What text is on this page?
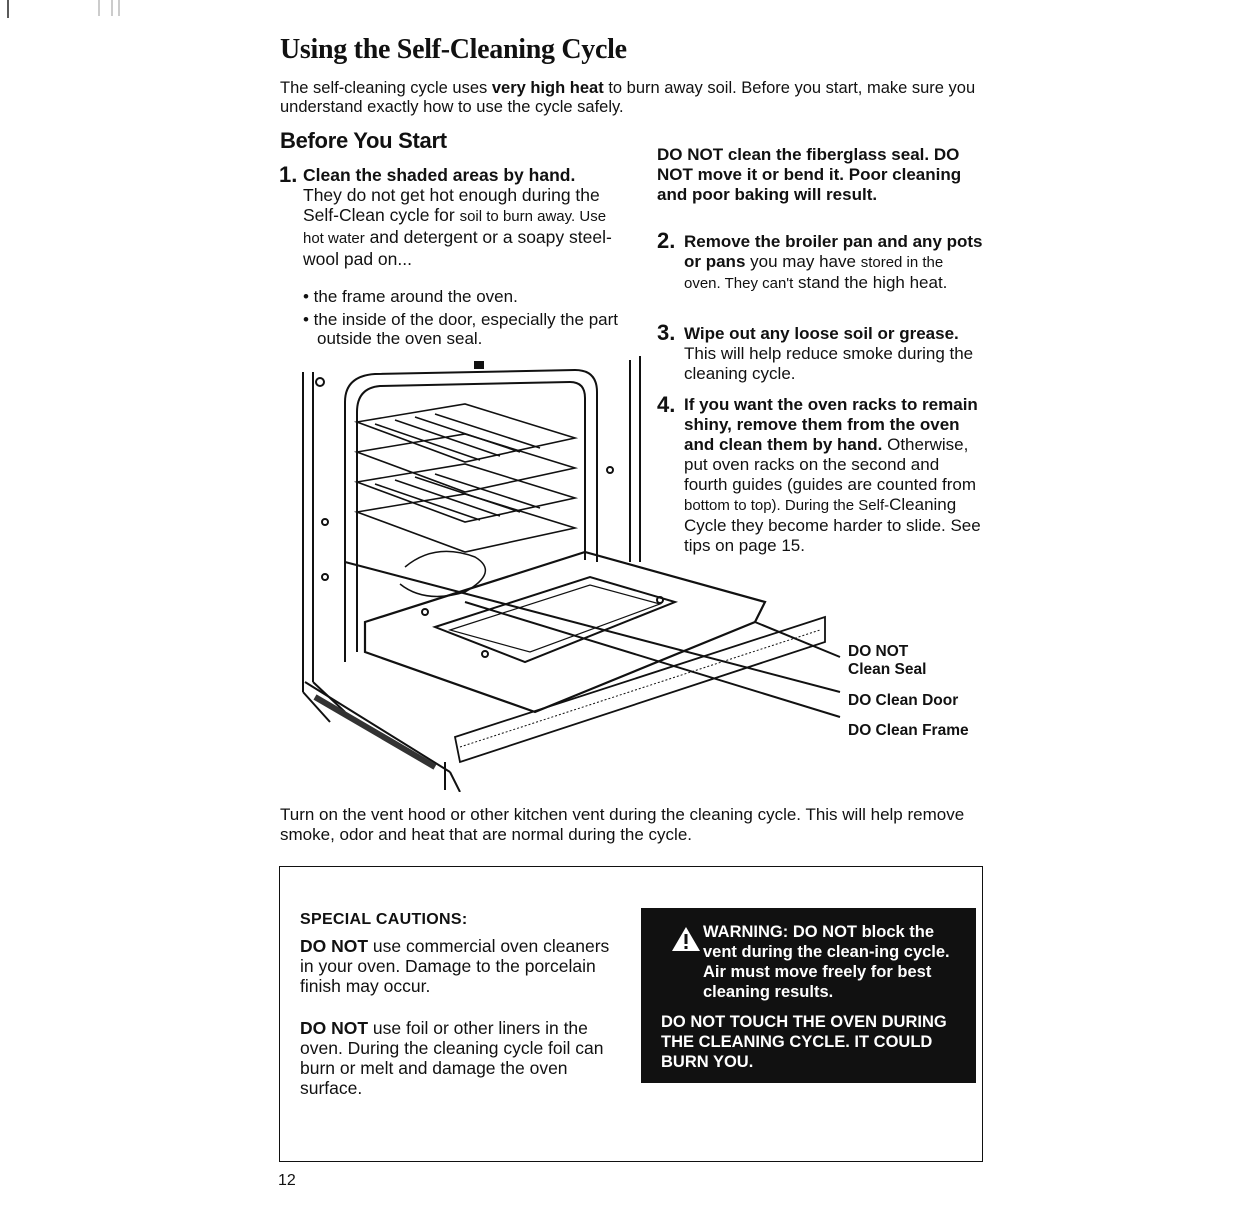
Using the Self-Cleaning Cycle
The self-cleaning cycle uses very high heat to burn away soil. Before you start, make sure you understand exactly how to use the cycle safely.
Before You Start
1. Clean the shaded areas by hand. They do not get hot enough during the Self-Clean cycle for soil to burn away. Use hot water and detergent or a soapy steel-wool pad on...
• the frame around the oven.
• the inside of the door, especially the part outside the oven seal.
DO NOT clean the fiberglass seal. DO NOT move it or bend it. Poor cleaning and poor baking will result.
2. Remove the broiler pan and any pots or pans you may have stored in the oven. They can't stand the high heat.
3. Wipe out any loose soil or grease. This will help reduce smoke during the cleaning cycle.
4. If you want the oven racks to remain shiny, remove them from the oven and clean them by hand. Otherwise, put oven racks on the second and fourth guides (guides are counted from bottom to top). During the Self-Cleaning Cycle they become harder to slide. See tips on page 15.
DO NOT
Clean Seal
DO Clean Door
DO Clean Frame
Turn on the vent hood or other kitchen vent during the cleaning cycle. This will help remove smoke, odor and heat that are normal during the cycle.
SPECIAL CAUTIONS:

DO NOT use commercial oven cleaners in your oven. Damage to the porcelain finish may occur.

DO NOT use foil or other liners in the oven. During the cleaning cycle foil can burn or melt and damage the oven surface.

WARNING: DO NOT block the vent during the clean-ing cycle. Air must move freely for best cleaning results.
DO NOT TOUCH THE OVEN DURING THE CLEANING CYCLE. IT COULD BURN YOU.
12
